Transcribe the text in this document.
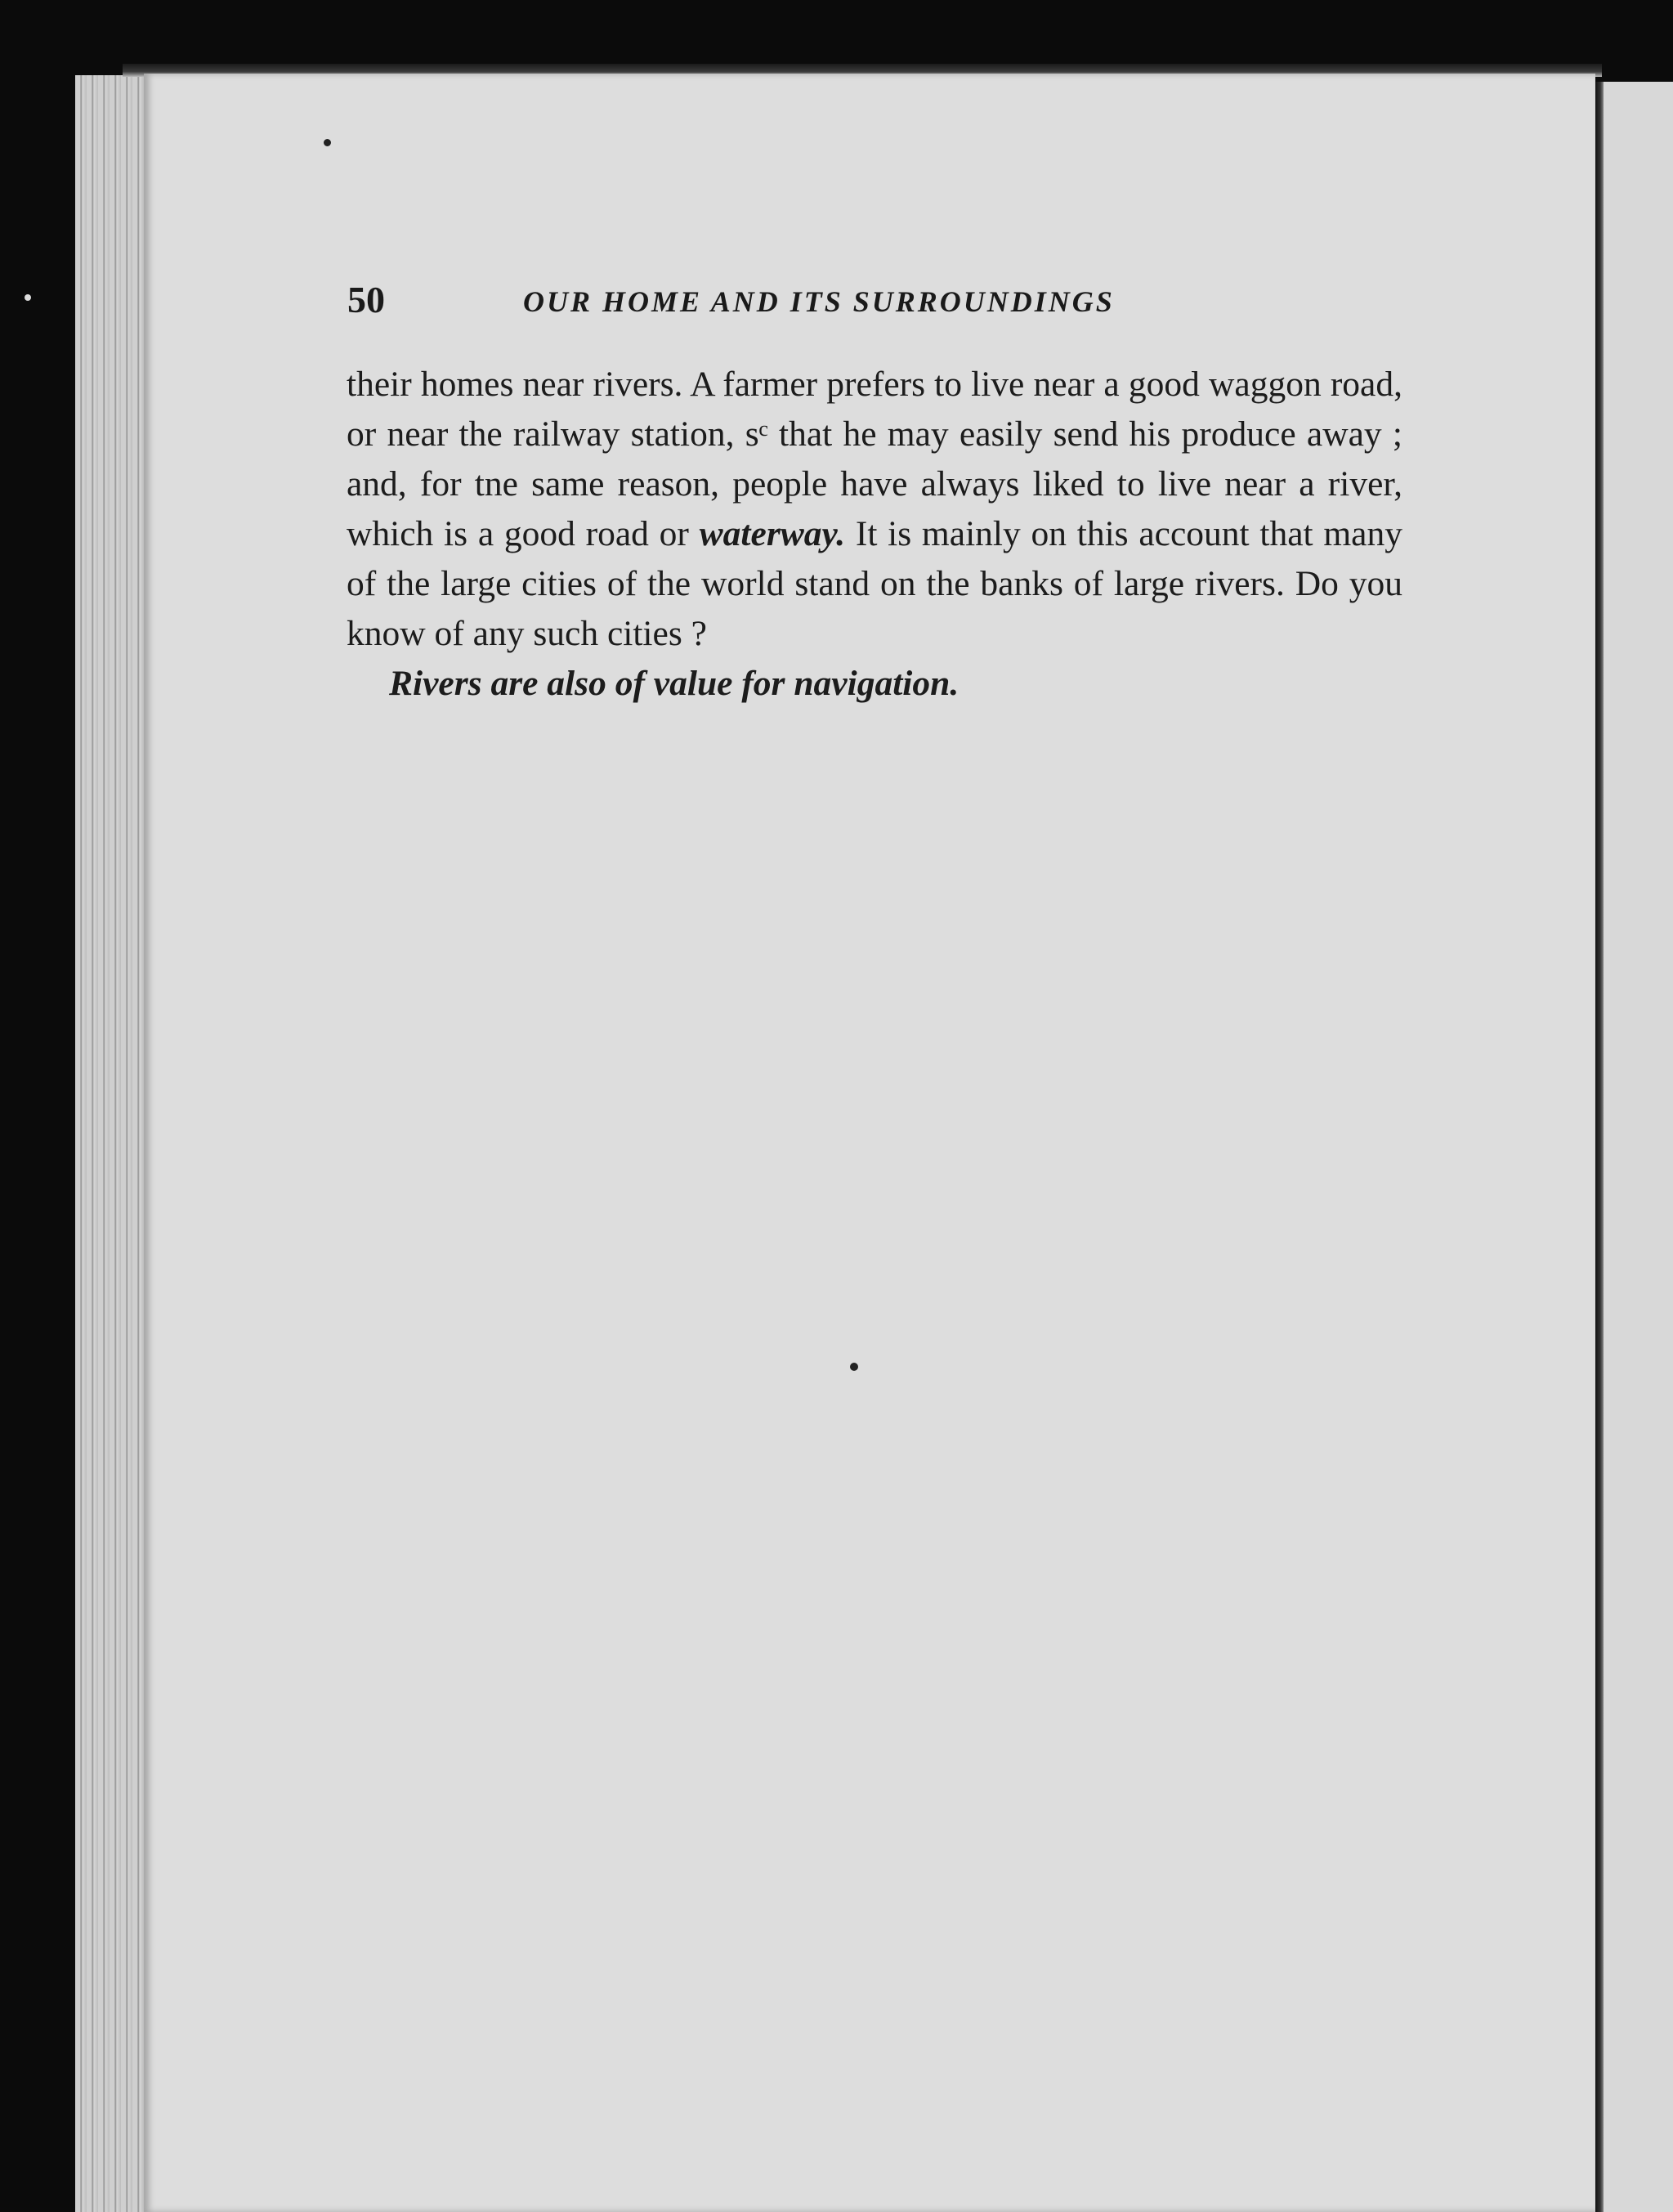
50	OUR HOME AND ITS SURROUNDINGS

their homes near rivers. A farmer prefers to live near a good waggon road, or near the railway station, sᶜ that he may easily send his produce away ; and, for tne same reason, people have always liked to live near a river, which is a good road or waterway. It is mainly on this account that many of the large cities of the world stand on the banks of large rivers. Do you know of any such cities ?

Rivers are also of value for navigation.
